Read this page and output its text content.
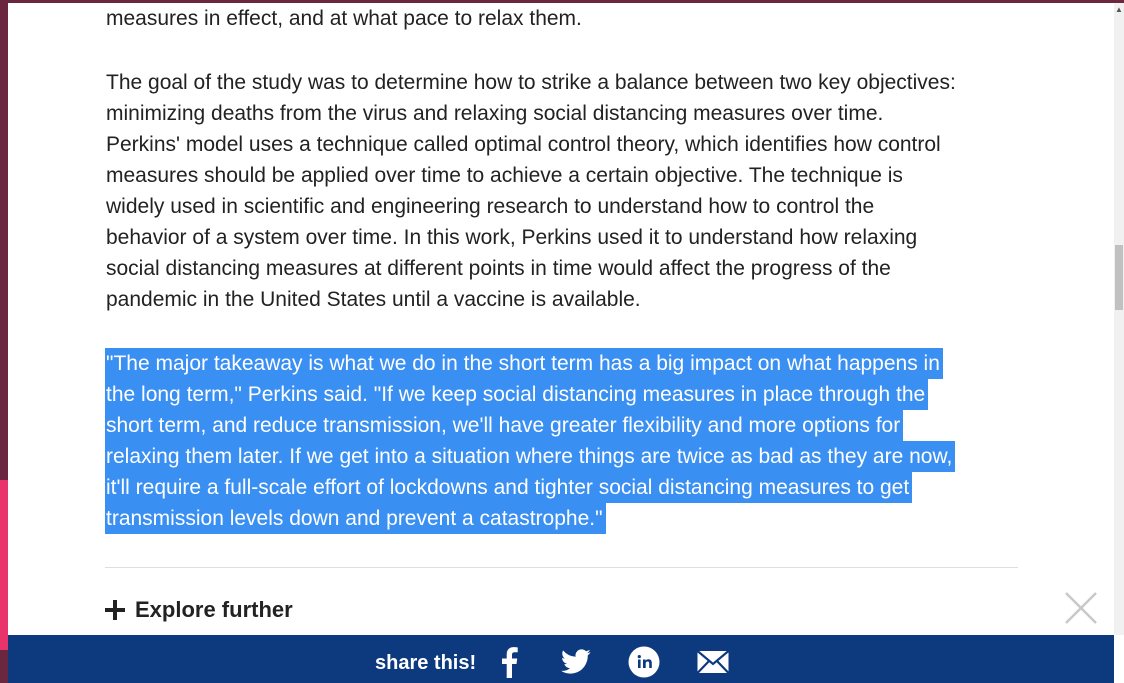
measures in effect, and at what pace to relax them.
The goal of the study was to determine how to strike a balance between two key objectives:
minimizing deaths from the virus and relaxing social distancing measures over time.
Perkins' model uses a technique called optimal control theory, which identifies how control
measures should be applied over time to achieve a certain objective. The technique is
widely used in scientific and engineering research to understand how to control the
behavior of a system over time. In this work, Perkins used it to understand how relaxing
social distancing measures at different points in time would affect the progress of the
pandemic in the United States until a vaccine is available.
"The major takeaway is what we do in the short term has a big impact on what happens in
the long term," Perkins said. "If we keep social distancing measures in place through the
short term, and reduce transmission, we'll have greater flexibility and more options for
relaxing them later. If we get into a situation where things are twice as bad as they are now,
it'll require a full-scale effort of lockdowns and tighter social distancing measures to get
transmission levels down and prevent a catastrophe."
Explore further
▲
share this!
